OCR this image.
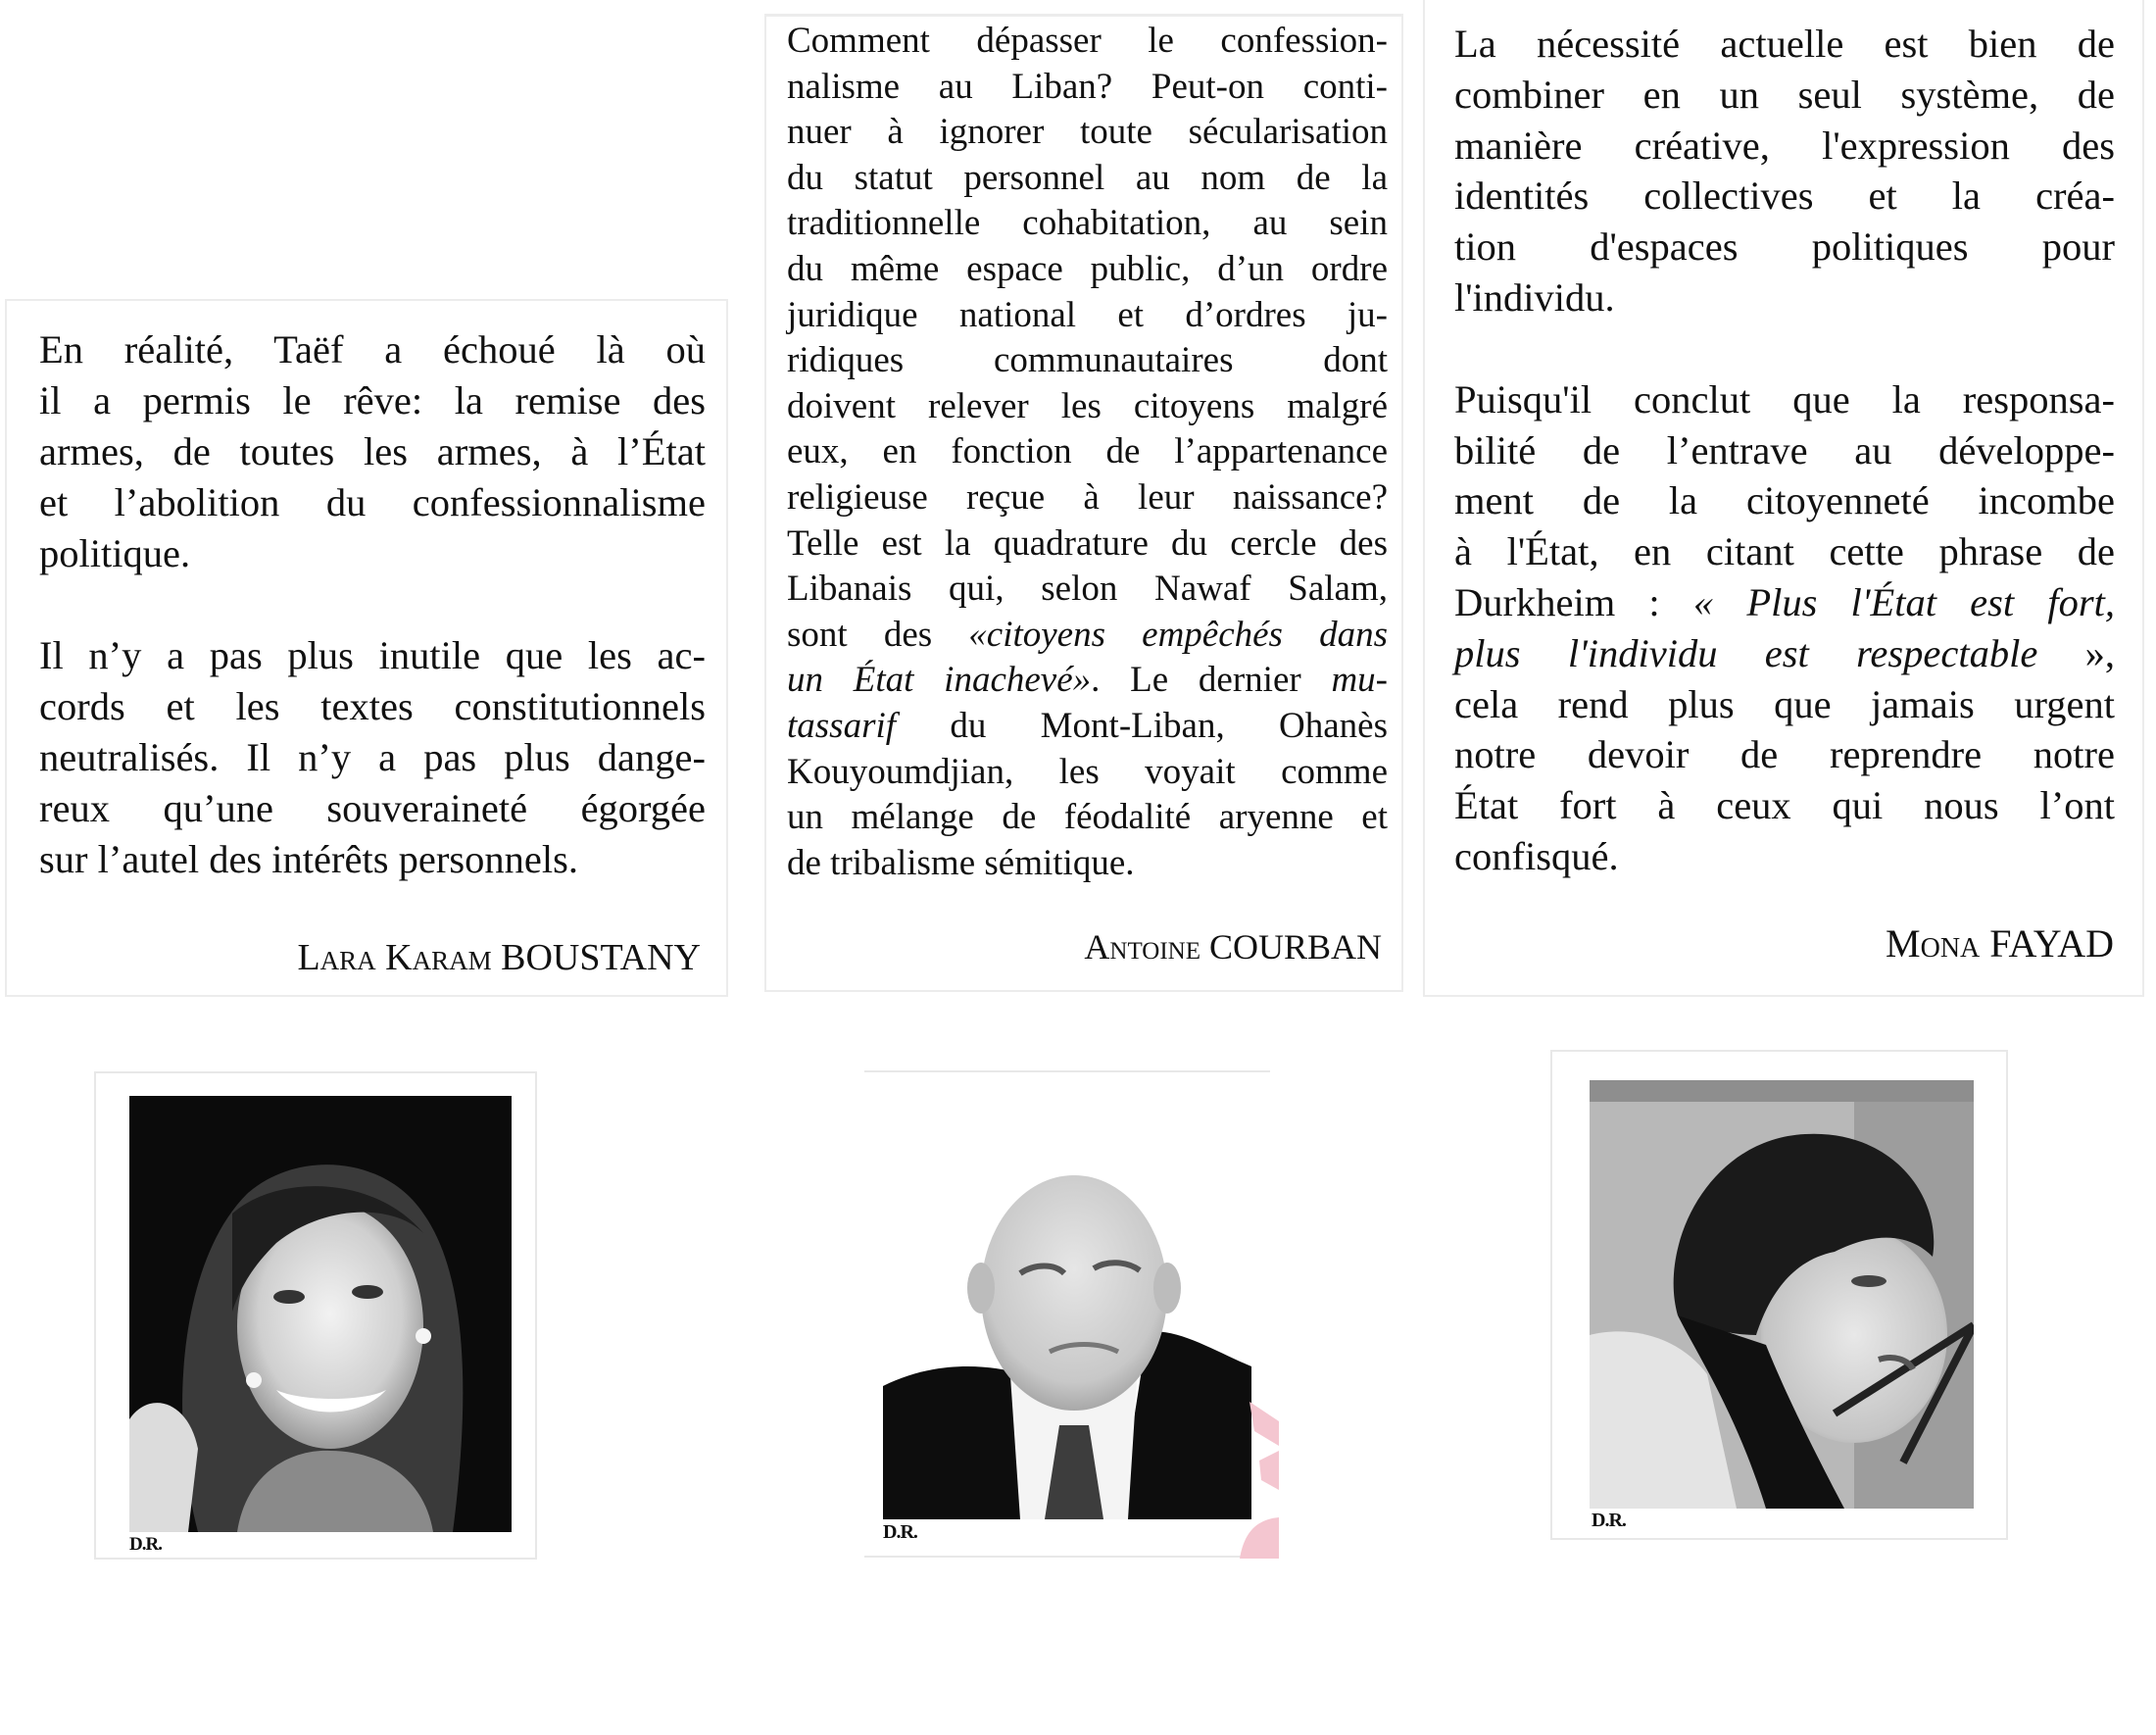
En réalité, Taëf a échoué là où
il a permis le rêve: la remise des
armes, de toutes les armes, à l’État
et l’abolition du confessionnalisme
politique.
Il n’y a pas plus inutile que les ac-
cords et les textes constitutionnels
neutralisés. Il n’y a pas plus dange-
reux qu’une souveraineté égorgée
sur l’autel des intérêts personnels.
Lara Karam BOUSTANY
Comment dépasser le confession-
nalisme au Liban? Peut-on conti-
nuer à ignorer toute sécularisation
du statut personnel au nom de la
traditionnelle cohabitation, au sein
du même espace public, d’un ordre
juridique national et d’ordres ju-
ridiques communautaires dont
doivent relever les citoyens malgré
eux, en fonction de l’appartenance
religieuse reçue à leur naissance?
Telle est la quadrature du cercle des
Libanais qui, selon Nawaf Salam,
sont des «citoyens empêchés dans
un État inachevé». Le dernier mu-
tassarif du Mont-Liban, Ohanès
Kouyoumdjian, les voyait comme
un mélange de féodalité aryenne et
de tribalisme sémitique.
Antoine COURBAN
La nécessité actuelle est bien de
combiner en un seul système, de
manière créative, l'expression des
identités collectives et la créa-
tion d'espaces politiques pour
l'individu.
Puisqu'il conclut que la responsa-
bilité de l’entrave au développe-
ment de la citoyenneté incombe
à l'État, en citant cette phrase de
Durkheim : « Plus l'État est fort,
plus l'individu est respectable »,
cela rend plus que jamais urgent
notre devoir de reprendre notre
État fort à ceux qui nous l’ont
confisqué.
Mona FAYAD
D.R.
D.R.
D.R.
